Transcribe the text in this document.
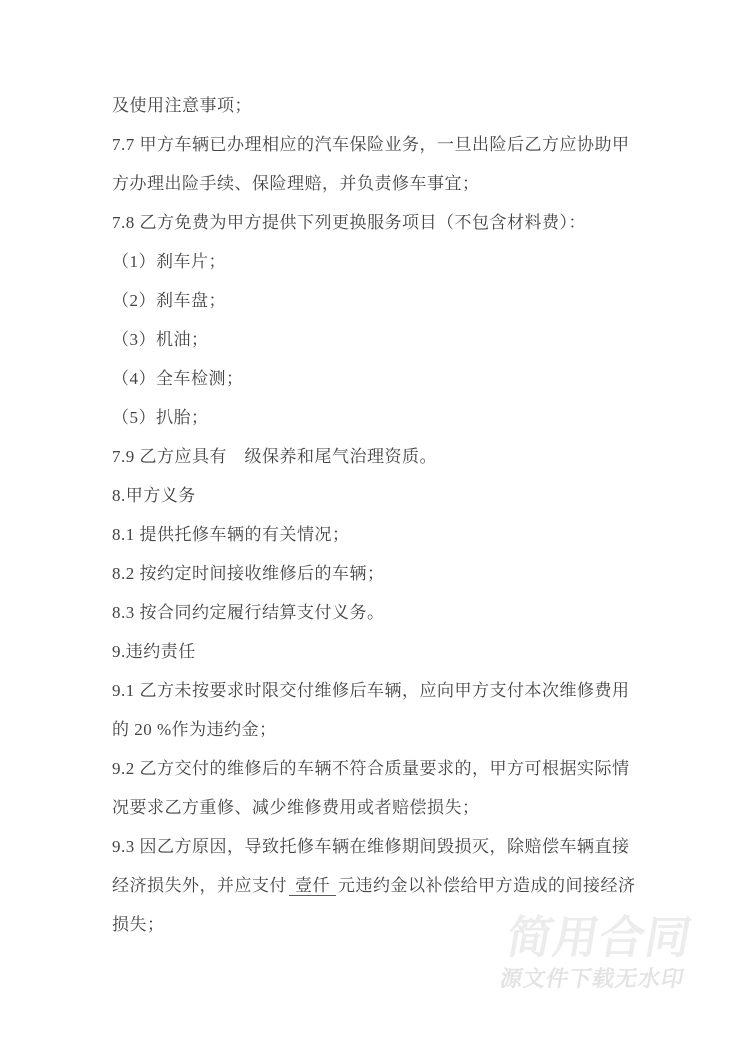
及使用注意事项；
7.7 甲方车辆已办理相应的汽车保险业务，一旦出险后乙方应协助甲
方办理出险手续、保险理赔，并负责修车事宜；
7.8 乙方免费为甲方提供下列更换服务项目（不包含材料费）：
（1）刹车片；
（2）刹车盘；
（3）机油；
（4）全车检测；
（5）扒胎；
7.9 乙方应具有　级保养和尾气治理资质。
8.甲方义务
8.1 提供托修车辆的有关情况；
8.2 按约定时间接收维修后的车辆；
8.3 按合同约定履行结算支付义务。
9.违约责任
9.1 乙方未按要求时限交付维修后车辆，应向甲方支付本次维修费用
的 20 %作为违约金；
9.2 乙方交付的维修后的车辆不符合质量要求的，甲方可根据实际情
况要求乙方重修、减少维修费用或者赔偿损失；
9.3 因乙方原因，导致托修车辆在维修期间毁损灭，除赔偿车辆直接
经济损失外，并应支付 壹仟 元违约金以补偿给甲方造成的间接经济
损失；	简用合同
源文件下载无水印
